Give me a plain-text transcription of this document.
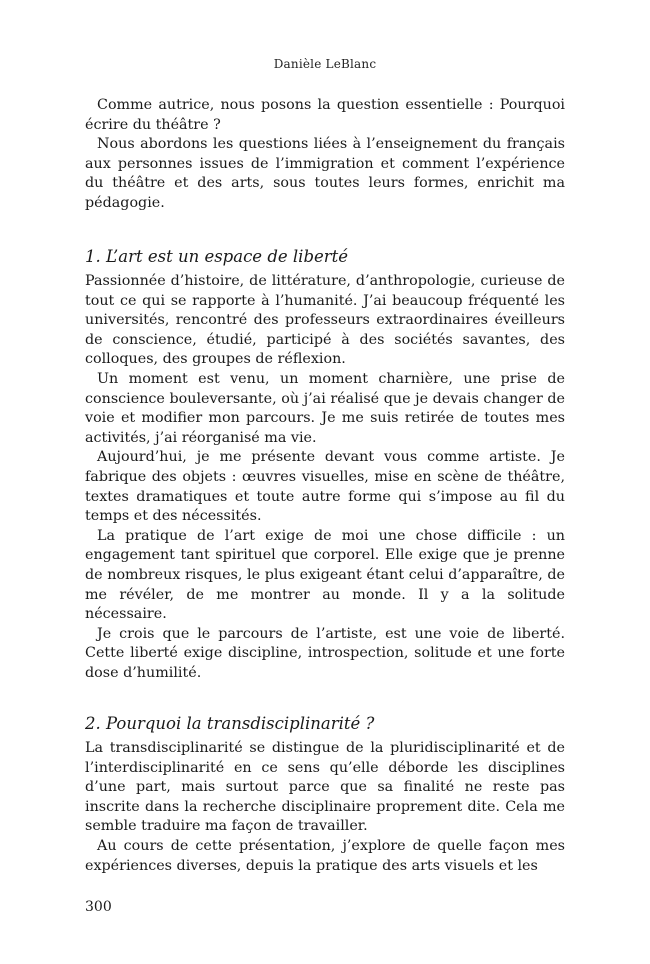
Danièle LeBlanc

Comme autrice, nous posons la question essentielle : Pourquoi écrire du théâtre ?

Nous abordons les questions liées à l’enseignement du français aux personnes issues de l’immigration et comment l’expérience du théâtre et des arts, sous toutes leurs formes, enrichit ma pédagogie.

1. L’art est un espace de liberté

Passionnée d’histoire, de littérature, d’anthropologie, curieuse de tout ce qui se rapporte à l’humanité. J’ai beaucoup fréquenté les universités, rencontré des professeurs extraordinaires éveilleurs de conscience, étudié, participé à des sociétés savantes, des colloques, des groupes de réflexion.

Un moment est venu, un moment charnière, une prise de conscience bouleversante, où j’ai réalisé que je devais changer de voie et modifier mon parcours. Je me suis retirée de toutes mes activités, j’ai réorganisé ma vie.

Aujourd’hui, je me présente devant vous comme artiste. Je fabrique des objets : œuvres visuelles, mise en scène de théâtre, textes dramatiques et toute autre forme qui s’impose au fil du temps et des nécessités.

La pratique de l’art exige de moi une chose difficile : un engagement tant spirituel que corporel. Elle exige que je prenne de nombreux risques, le plus exigeant étant celui d’apparaître, de me révéler, de me montrer au monde. Il y a la solitude nécessaire.

Je crois que le parcours de l’artiste, est une voie de liberté. Cette liberté exige discipline, introspection, solitude et une forte dose d’humilité.

2. Pourquoi la transdisciplinarité ?

La transdisciplinarité se distingue de la pluridisciplinarité et de l’interdisciplinarité en ce sens qu’elle déborde les disciplines d’une part, mais surtout parce que sa finalité ne reste pas inscrite dans la recherche disciplinaire proprement dite. Cela me semble traduire ma façon de travailler.

Au cours de cette présentation, j’explore de quelle façon mes expériences diverses, depuis la pratique des arts visuels et les

300
